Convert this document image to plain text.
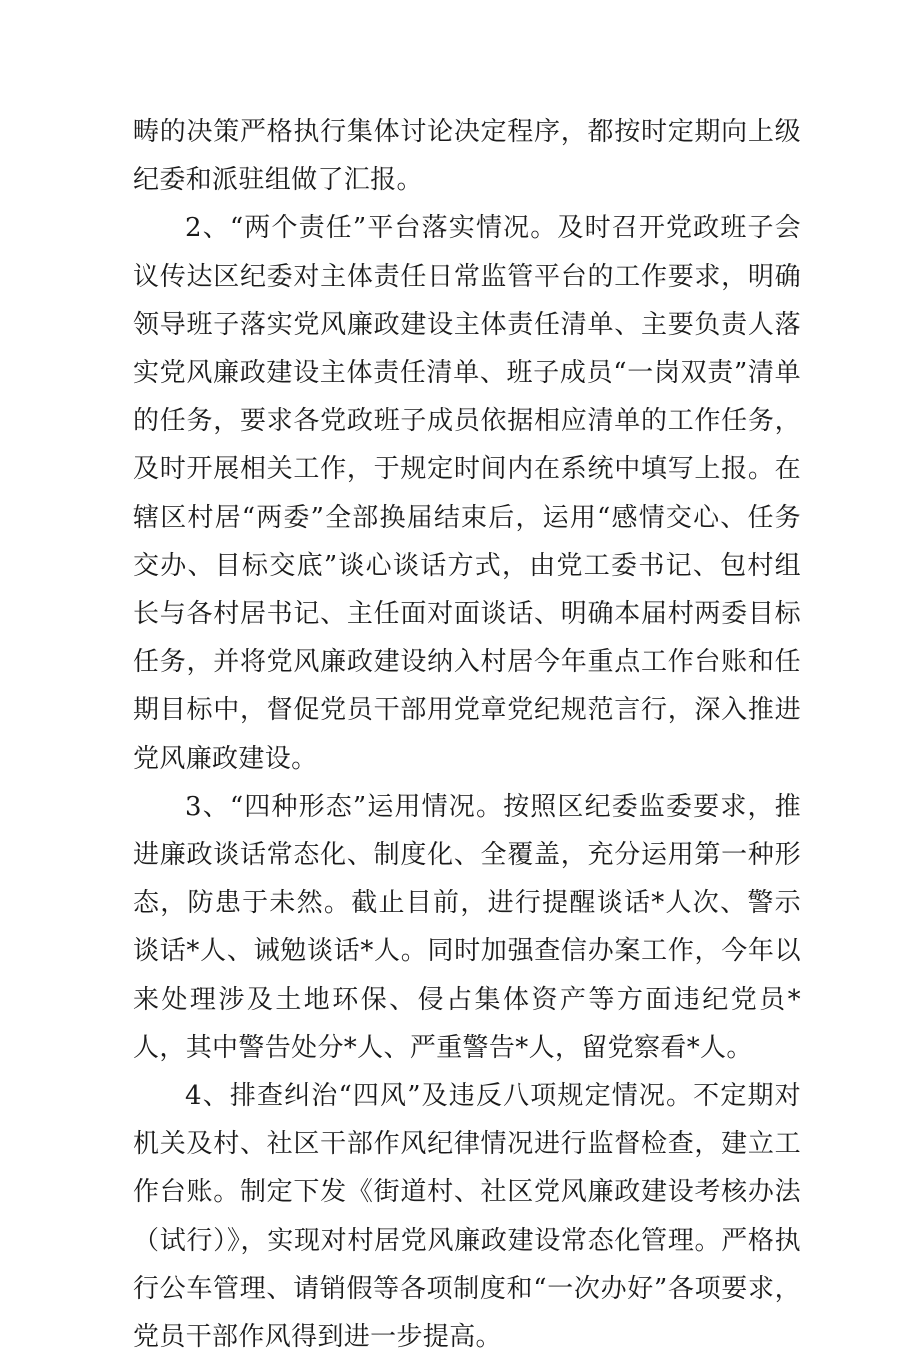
畴的决策严格执行集体讨论决定程序，都按时定期向上级纪委和派驻组做了汇报。

2、“两个责任”平台落实情况。及时召开党政班子会议传达区纪委对主体责任日常监管平台的工作要求，明确领导班子落实党风廉政建设主体责任清单、主要负责人落实党风廉政建设主体责任清单、班子成员“一岗双责”清单的任务，要求各党政班子成员依据相应清单的工作任务，及时开展相关工作，于规定时间内在系统中填写上报。在辖区村居“两委”全部换届结束后，运用“感情交心、任务交办、目标交底”谈心谈话方式，由党工委书记、包村组长与各村居书记、主任面对面谈话、明确本届村两委目标任务，并将党风廉政建设纳入村居今年重点工作台账和任期目标中，督促党员干部用党章党纪规范言行，深入推进党风廉政建设。

3、“四种形态”运用情况。按照区纪委监委要求，推进廉政谈话常态化、制度化、全覆盖，充分运用第一种形态，防患于未然。截止目前，进行提醒谈话*人次、警示谈话*人、诫勉谈话*人。同时加强查信办案工作，今年以来处理涉及土地环保、侵占集体资产等方面违纪党员*人，其中警告处分*人、严重警告*人，留党察看*人。

4、排查纠治“四风”及违反八项规定情况。不定期对机关及村、社区干部作风纪律情况进行监督检查，建立工作台账。制定下发《街道村、社区党风廉政建设考核办法（试行）》，实现对村居党风廉政建设常态化管理。严格执行公车管理、请销假等各项制度和“一次办好”各项要求，党员干部作风得到进一步提高。
